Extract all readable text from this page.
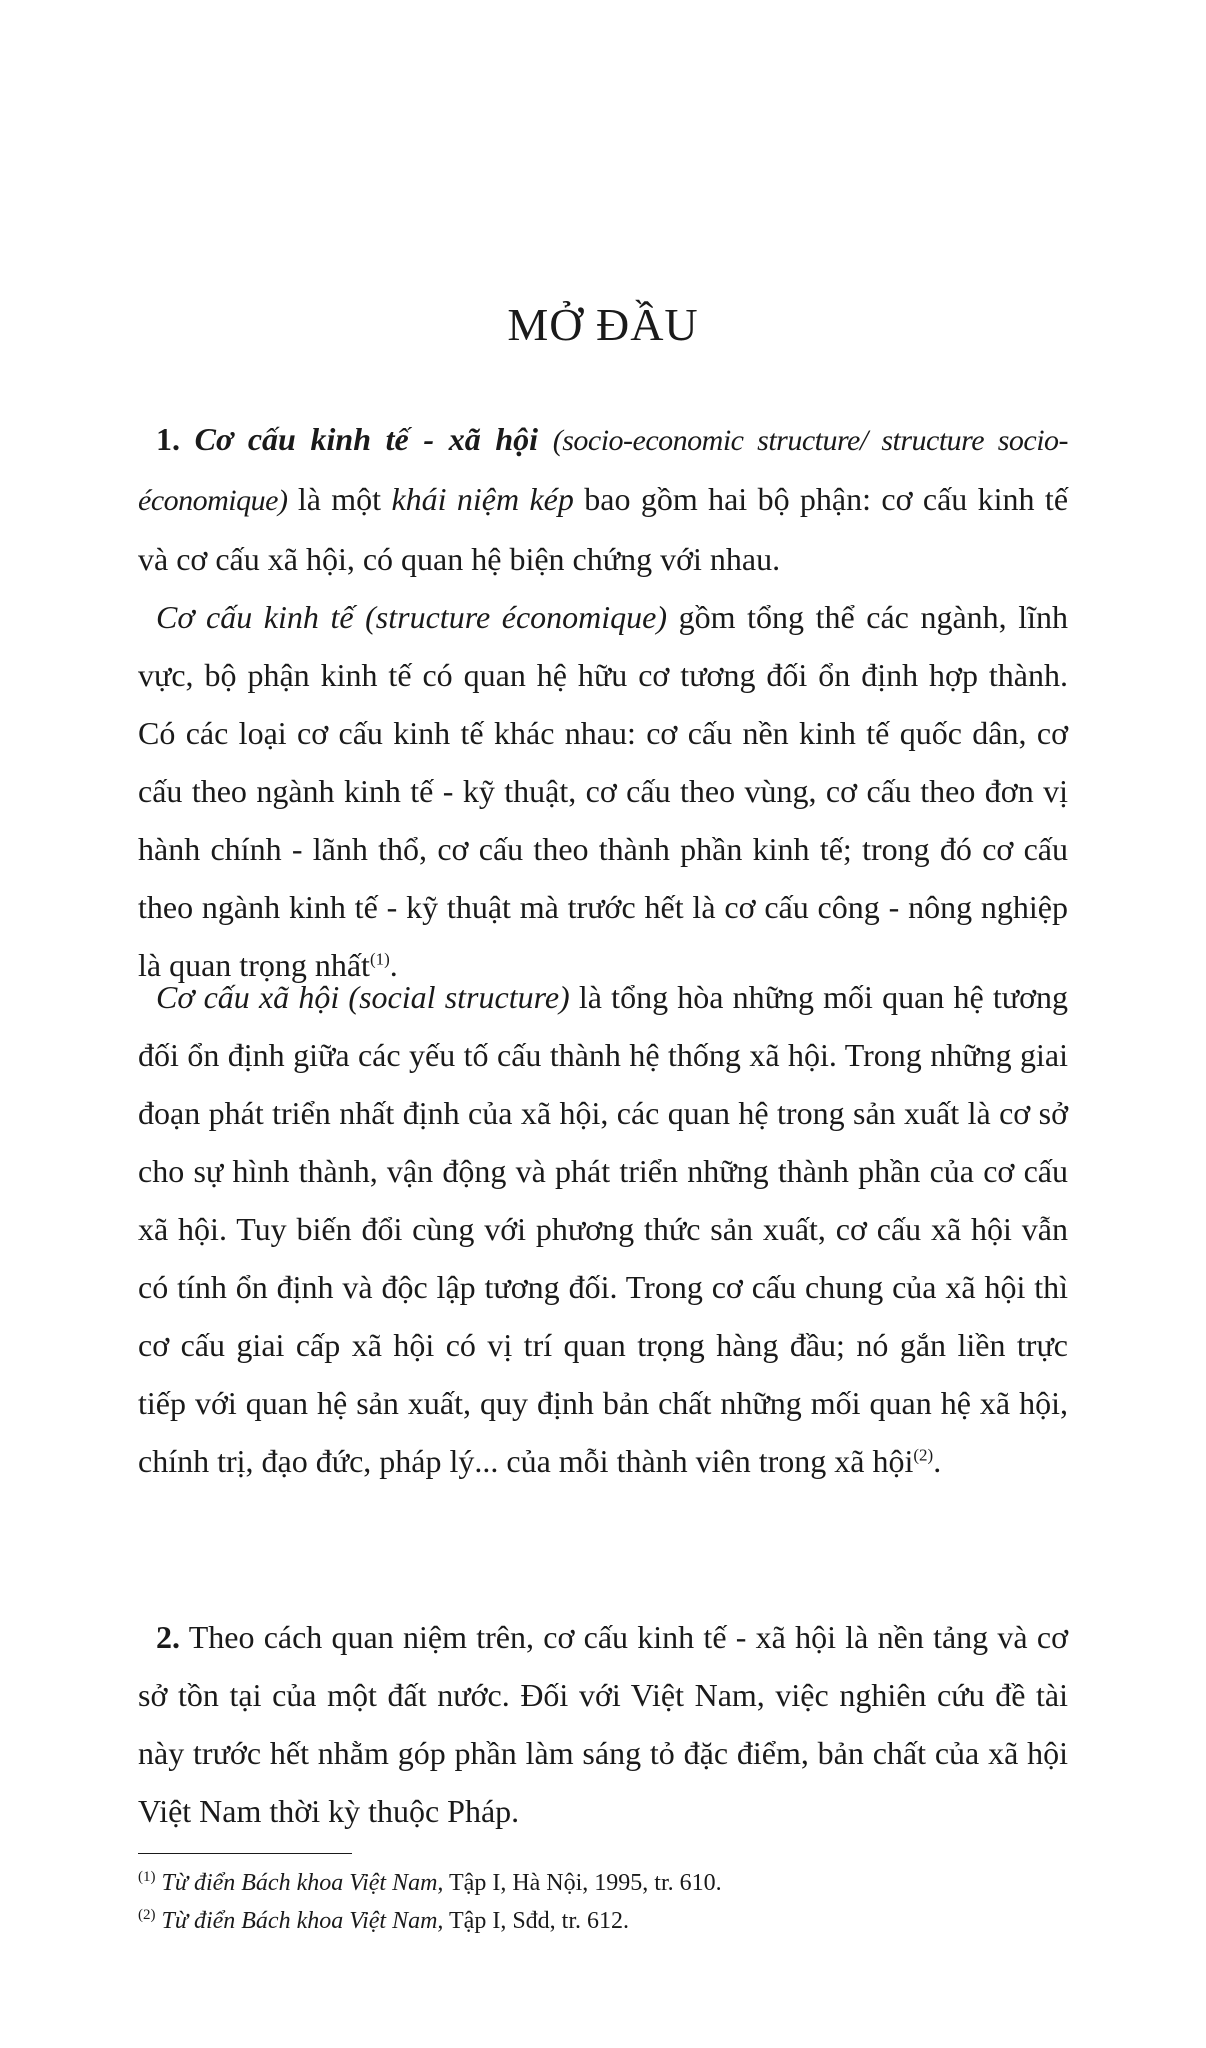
MỞ ĐẦU

1. Cơ cấu kinh tế - xã hội (socio-economic structure/ structure socio-économique) là một khái niệm kép bao gồm hai bộ phận: cơ cấu kinh tế và cơ cấu xã hội, có quan hệ biện chứng với nhau.

Cơ cấu kinh tế (structure économique) gồm tổng thể các ngành, lĩnh vực, bộ phận kinh tế có quan hệ hữu cơ tương đối ổn định hợp thành. Có các loại cơ cấu kinh tế khác nhau: cơ cấu nền kinh tế quốc dân, cơ cấu theo ngành kinh tế - kỹ thuật, cơ cấu theo vùng, cơ cấu theo đơn vị hành chính - lãnh thổ, cơ cấu theo thành phần kinh tế; trong đó cơ cấu theo ngành kinh tế - kỹ thuật mà trước hết là cơ cấu công - nông nghiệp là quan trọng nhất$^{(1)}$.

Cơ cấu xã hội (social structure) là tổng hòa những mối quan hệ tương đối ổn định giữa các yếu tố cấu thành hệ thống xã hội. Trong những giai đoạn phát triển nhất định của xã hội, các quan hệ trong sản xuất là cơ sở cho sự hình thành, vận động và phát triển những thành phần của cơ cấu xã hội. Tuy biến đổi cùng với phương thức sản xuất, cơ cấu xã hội vẫn có tính ổn định và độc lập tương đối. Trong cơ cấu chung của xã hội thì cơ cấu giai cấp xã hội có vị trí quan trọng hàng đầu; nó gắn liền trực tiếp với quan hệ sản xuất, quy định bản chất những mối quan hệ xã hội, chính trị, đạo đức, pháp lý... của mỗi thành viên trong xã hội$^{(2)}$.

2. Theo cách quan niệm trên, cơ cấu kinh tế - xã hội là nền tảng và cơ sở tồn tại của một đất nước. Đối với Việt Nam, việc nghiên cứu đề tài này trước hết nhằm góp phần làm sáng tỏ đặc điểm, bản chất của xã hội Việt Nam thời kỳ thuộc Pháp.

$^{(1)}$ Từ điển Bách khoa Việt Nam, Tập I, Hà Nội, 1995, tr. 610.
$^{(2)}$ Từ điển Bách khoa Việt Nam, Tập I, Sđd, tr. 612.
